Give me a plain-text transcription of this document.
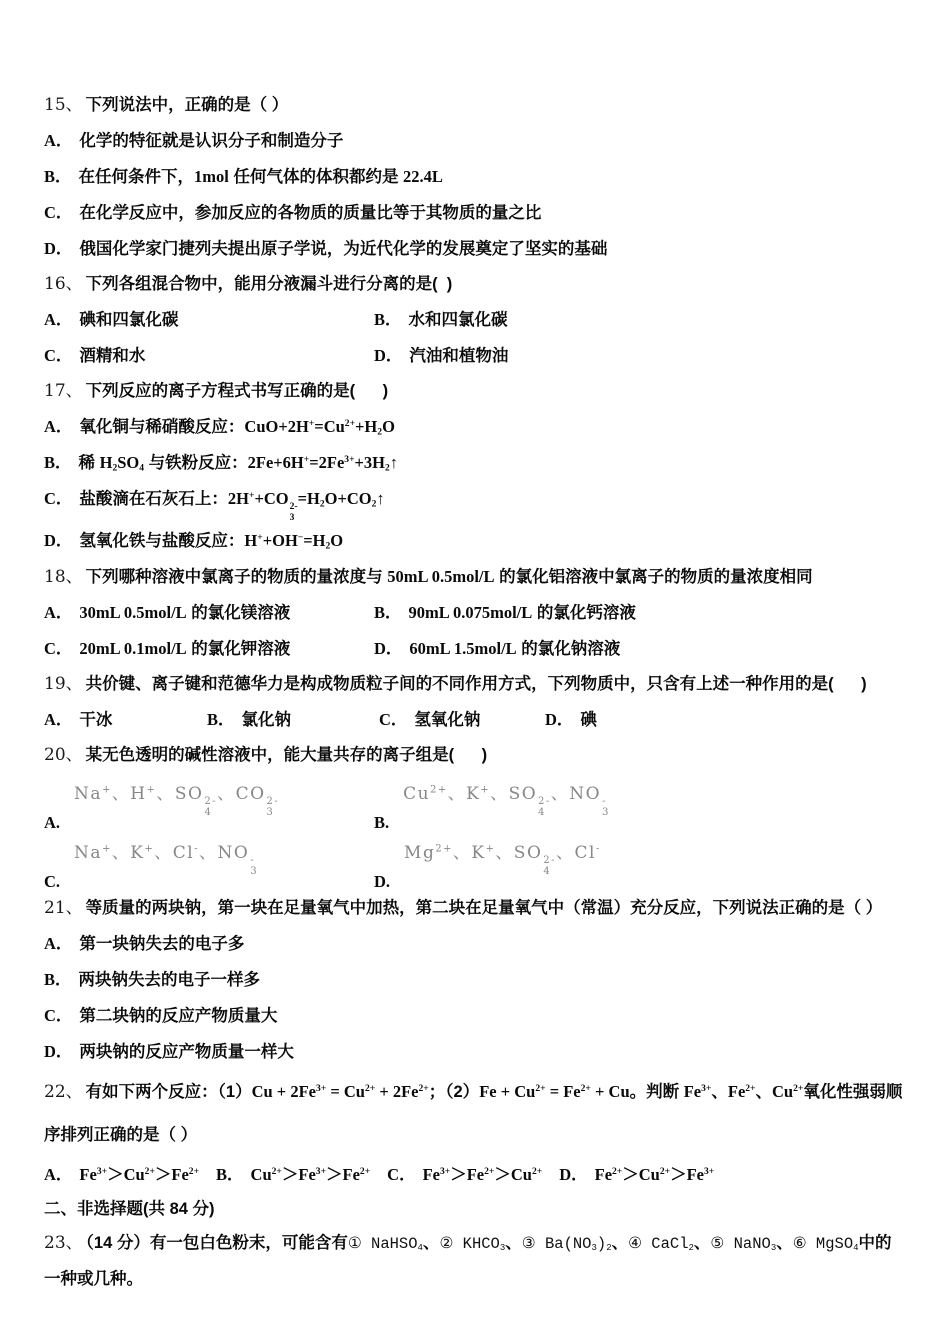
15、 下列说法中，正确的是（ ）
A． 化学的特征就是认识分子和制造分子
B． 在任何条件下，1mol 任何气体的体积都约是 22.4L
C． 在化学反应中，参加反应的各物质的质量比等于其物质的量之比
D． 俄国化学家门捷列夫提出原子学说，为近代化学的发展奠定了坚实的基础
16、 下列各组混合物中，能用分液漏斗进行分离的是(  )
A． 碘和四氯化碳	B． 水和四氯化碳
C． 酒精和水	D． 汽油和植物油
17、 下列反应的离子方程式书写正确的是(      )
A． 氧化铜与稀硝酸反应：$CuO+2H^+=Cu^{2+}+H_2O$
B． 稀 $H_2SO_4$ 与铁粉反应：$2Fe+6H^+=2Fe^{3+}+3H_2↑$
C． 盐酸滴在石灰石上：2H++CO 2-
3
$=H_2O+CO_2↑$
D． 氢氧化铁与盐酸反应：$H^++OH^-=H_2O$
18、 下列哪种溶液中氯离子的物质的量浓度与 50mL 0.5mol/L 的氯化铝溶液中氯离子的物质的量浓度相同
A． 30mL 0.5mol/L 的氯化镁溶液	B． 90mL 0.075mol/L 的氯化钙溶液
C． 20mL 0.1mol/L 的氯化钾溶液	D． 60mL 1.5mol/L 的氯化钠溶液
19、 共价键、离子键和范德华力是构成物质粒子间的不同作用方式，下列物质中，只含有上述一种作用的是(      )
A． 干冰	B． 氯化钠	C． 氢氧化钠	D． 碘
20、 某无色透明的碱性溶液中，能大量共存的离子组是(      )
A.
Na+、H+、SO 2-
4
、CO 2-
3	B.
$Cu^{2+}$、K+、SO 2-
4
、NO -
3
C.
Na+、K+、Cl-、NO -
3	D.
$Mg^{2+}$、K+、SO 2-
4
、Cl-
21、 等质量的两块钠，第一块在足量氧气中加热，第二块在足量氧气中（常温）充分反应，下列说法正确的是（ ）
A． 第一块钠失去的电子多
B． 两块钠失去的电子一样多
C． 第二块钠的反应产物质量大
D． 两块钠的反应产物质量一样大
22、 有如下两个反应：$(1)Cu + 2Fe^{3+} = Cu^{2+} + 2Fe^{2+}$；$(2)Fe + Cu^{2+} = Fe^{2+} + Cu$。判断 $Fe^{3+}$、$Fe^{2+}$、$Cu^{2+}$氧化性强弱顺序排列正确的是（ ）
A． $Fe^{3+}>Cu^{2+}>Fe^{2+}$ B． $Cu^{2+}>Fe^{3+}>Fe^{2+}$ C． $Fe^{3+}>Fe^{2+}>Cu^{2+}$ D． $Fe^{2+}>Cu^{2+}>Fe^{3+}$
二、非选择题(共 84 分)
23、 （14 分）有一包白色粉末，可能含有① NaHSO$_4$、② $KHCO_3$、③ $Ba(NO_3)_2$、④ CaCl$_2$、⑤ NaNO$_3$、⑥ MgSO$_4$中的一种或几种。
